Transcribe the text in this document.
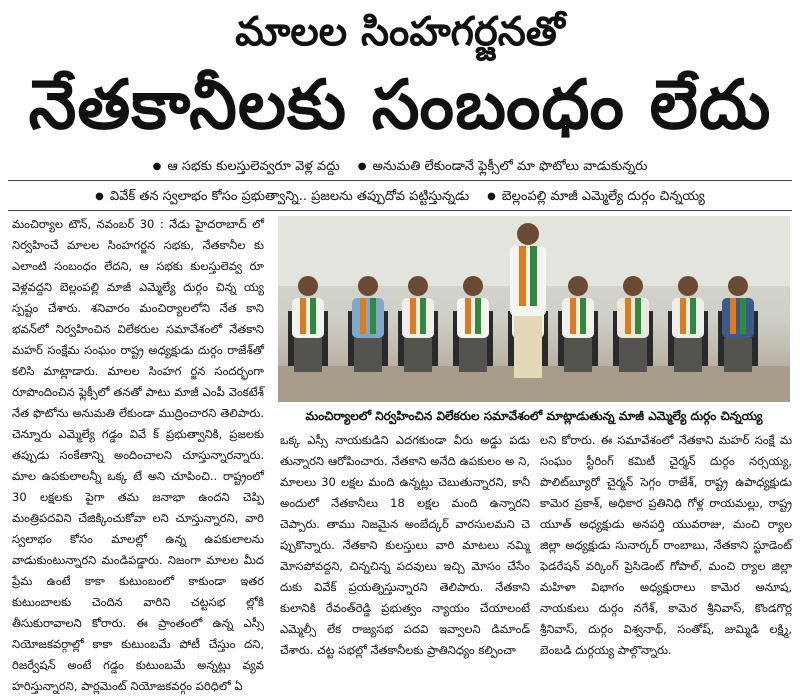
మాలల సింహగర్జనతో
నేతకానీలకు సంబంధం లేదు
● ఆ సభకు కులస్తులెవ్వరూ వెళ్ల వద్దు ● అనుమతి లేకుండానే ఫ్లెక్సీలో మా ఫొటోలు వాడుకున్నరు
● వివేక్ తన స్వలాభం కోసం ప్రభుత్వాన్ని.. ప్రజలను తప్పుదోవ పట్టిస్తున్నడు ● బెల్లంపల్లి మాజీ ఎమ్మెల్యే దుర్గం చిన్నయ్య

మంచిర్యాల టౌన్, నవంబర్ 30 : నేడు హైదరాబాద్ లో నిర్వహించే మాలల సింహగర్జన సభకు, నేతకానీల కు ఎలాంటి సంబంధం లేదని, ఆ సభకు కులస్తులెవ్వ రూ వెళ్లవద్దని బెల్లంపల్లి మాజీ ఎమ్మెల్యే దుర్గం చిన్న య్య స్పష్టం చేశారు. శనివారం మంచిర్యాలలోని నేత కాని భవన్‌లో నిర్వహించిన విలేకరుల సమావేశంలో నేతకాని మహర్ సంక్షేమ సంఘం రాష్ట్ర అధ్యక్షుడు దుర్గం రాజేశ్‌తో కలిసి మాట్లాడారు. మాలల సింహగ ర్జన సందర్భంగా రూపొందించిన ఫ్లెక్సీలో తనతో పాటు మాజీ ఎంపీ వెంకటేశ్ నేత ఫొటోను అనుమతి లేకుండా ముద్రించారని తెలిపారు. చెన్నూరు ఎమ్మెల్యే గడ్డం వివే క్ ప్రభుత్వానికి, ప్రజలకు తప్పుడు సంకేతాన్ని అందించాలని చూస్తున్నారన్నారు. మాల ఉపకులాలన్నీ ఒక్క టే అని చూపించి.. రాష్ట్రంలో 30 లక్షలకు పైగా తమ జనాభా ఉందని చెప్పి మంత్రిపదవిని చేజిక్కించుకోవా లని చూస్తున్నారని, వారి స్వలాభం కోసం మాలల్లో ఉన్న ఉపకులాలను వాడుకుంటున్నారని మండిపడ్డారు. నిజంగా మాలల మీద ప్రేమ ఉంటే కాకా కుటుంబంలో కాకుండా ఇతర కుటుంబాలకు చెందిన వారిని చట్టసభ ల్లోకి తీసుకురావాలని కోరారు. ఈ ప్రాంతంలో ఉన్న ఎస్సీ నియోజకవర్గాల్లో కాకా కుటుంబమే పోటీ చేస్తుం దని, రిజర్వేషన్ అంటే గడ్డం కుటుంబమే అన్నట్లు వ్యవ హరిస్తున్నారని, పార్లమెంట్ నియోజకవర్గం పరిధిలో ఏ

మంచిర్యాలలో నిర్వహించిన విలేకరుల సమావేశంలో మాట్లాడుతున్న మాజీ ఎమ్మెల్యే దుర్గం చిన్నయ్య

ఒక్క ఎస్సీ నాయకుడిని ఎదగకుండా వీరు అడ్డు పడు తున్నారని ఆరోపించారు. నేతకాని అనేది ఉపకులం అ ని, మాలలు 30 లక్షల మంది ఉన్నట్లు చెబుతున్నారని, కానీ అందులో నేతకానీలు 18 లక్షల మంది ఉన్నారని చెప్పారు. తాము నిజమైన అంబేద్కర్ వారసులమని చె ప్పుకొన్నారు. నేతకాని కులస్తులు వారి మాటలు నమ్మి మోసపోవద్దని, చిన్నచిన్న పదవులు ఇచ్చి మోసం చేసేం దుకు వివేక్ ప్రయత్నిస్తున్నారని తెలిపారు. నేతకాని కులానికి రేవంత్‌రెడ్డి ప్రభుత్వం న్యాయం చేయాలంటే ఎమ్మెల్సీ లేక రాజ్యసభ పదవి ఇవ్వాలని డిమాండ్ చేశారు. చట్ట సభల్లో నేతకానీలకు ప్రాతినిధ్యం కల్పించా

లని కోరారు. ఈ సమావేశంలో నేతకాని మహర్ సంక్షే మ సంఘం స్టీరింగ్ కమిటీ చైర్మన్ దుర్గం నర్సయ్య, పొలిట్‌బ్యూరో చైర్మన్ సెగ్గం రాజేశ్, రాష్ట్ర ఉపాధ్యక్షుడు కామెర ప్రకాశ్, అధికార ప్రతినిధి గోళ్ల రాయమల్లు, రాష్ట్ర యూత్ అధ్యక్షుడు అనపర్తి యువరాజు, మంచి ర్యాల జిల్లా అధ్యక్షుడు సునార్కర్ రాంబాబు, నేతకాని స్టూడెంట్ ఫెడరేషన్ వర్కింగ్ ప్రెసిడెంట్ గోపాల్, మంచి ర్యాల జిల్లా మహిళా విభాగం అధ్యక్షురాలు కామెర అనూష, నాయకులు దుర్గం నగేశ్, కామెర శ్రీనివాస్, కొండగొర్ల శ్రీనివాస్, దుర్గం విశ్వనాథ్, సంతోష్, జుమ్మిడి లక్ష్మి, బెంబడి దుర్గయ్య పాల్గొన్నారు.
